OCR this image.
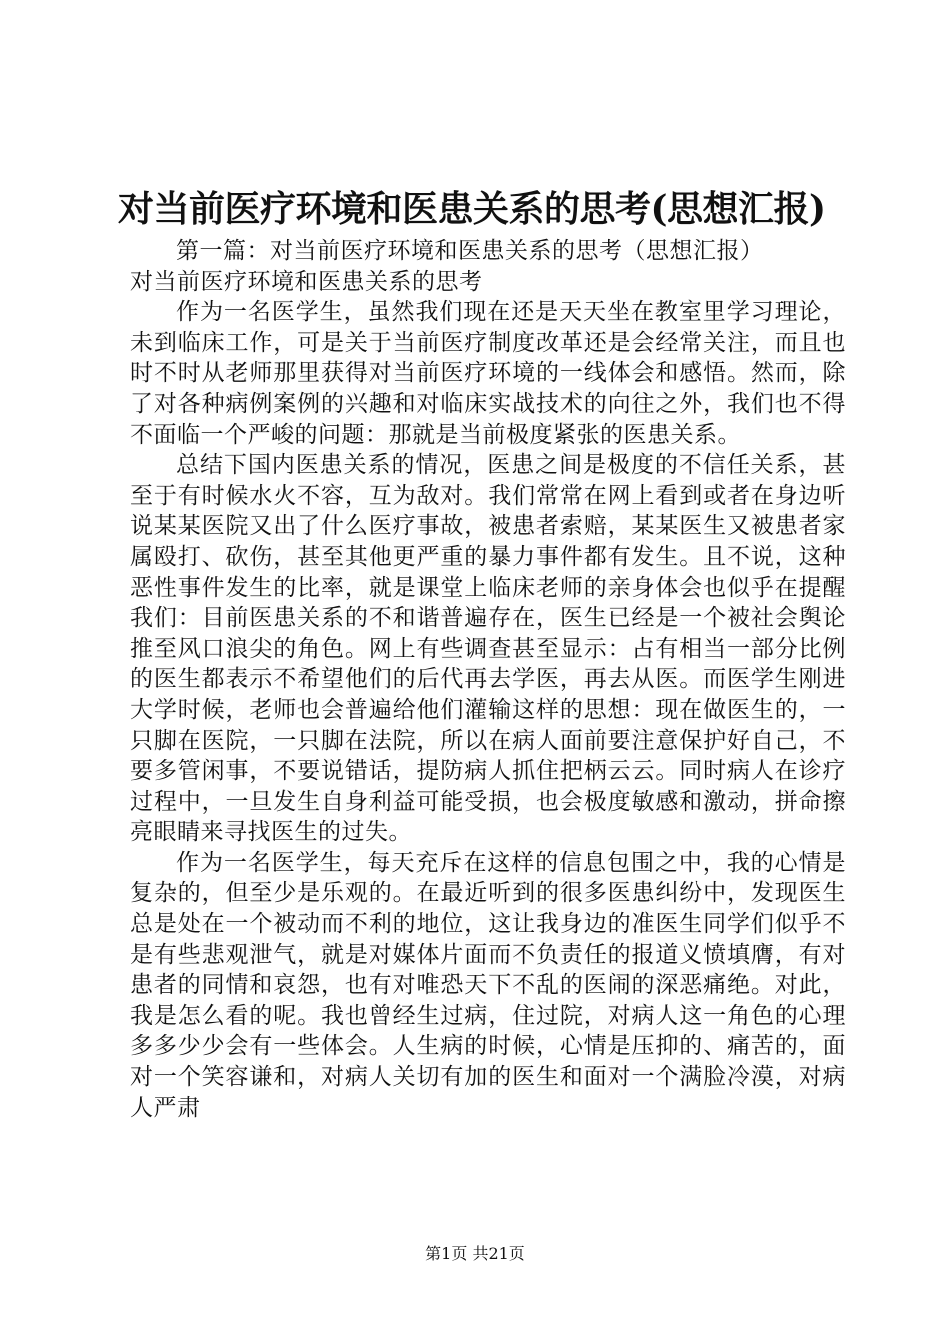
对当前医疗环境和医患关系的思考(思想汇报)

第一篇：对当前医疗环境和医患关系的思考（思想汇报）

对当前医疗环境和医患关系的思考

作为一名医学生，虽然我们现在还是天天坐在教室里学习理论，未到临床工作，可是关于当前医疗制度改革还是会经常关注，而且也时不时从老师那里获得对当前医疗环境的一线体会和感悟。然而，除了对各种病例案例的兴趣和对临床实战技术的向往之外，我们也不得不面临一个严峻的问题：那就是当前极度紧张的医患关系。

总结下国内医患关系的情况，医患之间是极度的不信任关系，甚至于有时候水火不容，互为敌对。我们常常在网上看到或者在身边听说某某医院又出了什么医疗事故，被患者索赔，某某医生又被患者家属殴打、砍伤，甚至其他更严重的暴力事件都有发生。且不说，这种恶性事件发生的比率，就是课堂上临床老师的亲身体会也似乎在提醒我们：目前医患关系的不和谐普遍存在，医生已经是一个被社会舆论推至风口浪尖的角色。网上有些调查甚至显示：占有相当一部分比例的医生都表示不希望他们的后代再去学医，再去从医。而医学生刚进大学时候，老师也会普遍给他们灌输这样的思想：现在做医生的，一只脚在医院，一只脚在法院，所以在病人面前要注意保护好自己，不要多管闲事，不要说错话，提防病人抓住把柄云云。同时病人在诊疗过程中，一旦发生自身利益可能受损，也会极度敏感和激动，拼命擦亮眼睛来寻找医生的过失。

作为一名医学生，每天充斥在这样的信息包围之中，我的心情是复杂的，但至少是乐观的。在最近听到的很多医患纠纷中，发现医生总是处在一个被动而不利的地位，这让我身边的准医生同学们似乎不是有些悲观泄气，就是对媒体片面而不负责任的报道义愤填膺，有对患者的同情和哀怨，也有对唯恐天下不乱的医闹的深恶痛绝。对此，我是怎么看的呢。我也曾经生过病，住过院，对病人这一角色的心理多多少少会有一些体会。人生病的时候，心情是压抑的、痛苦的，面对一个笑容谦和，对病人关切有加的医生和面对一个满脸冷漠，对病人严肃

第1页 共21页
